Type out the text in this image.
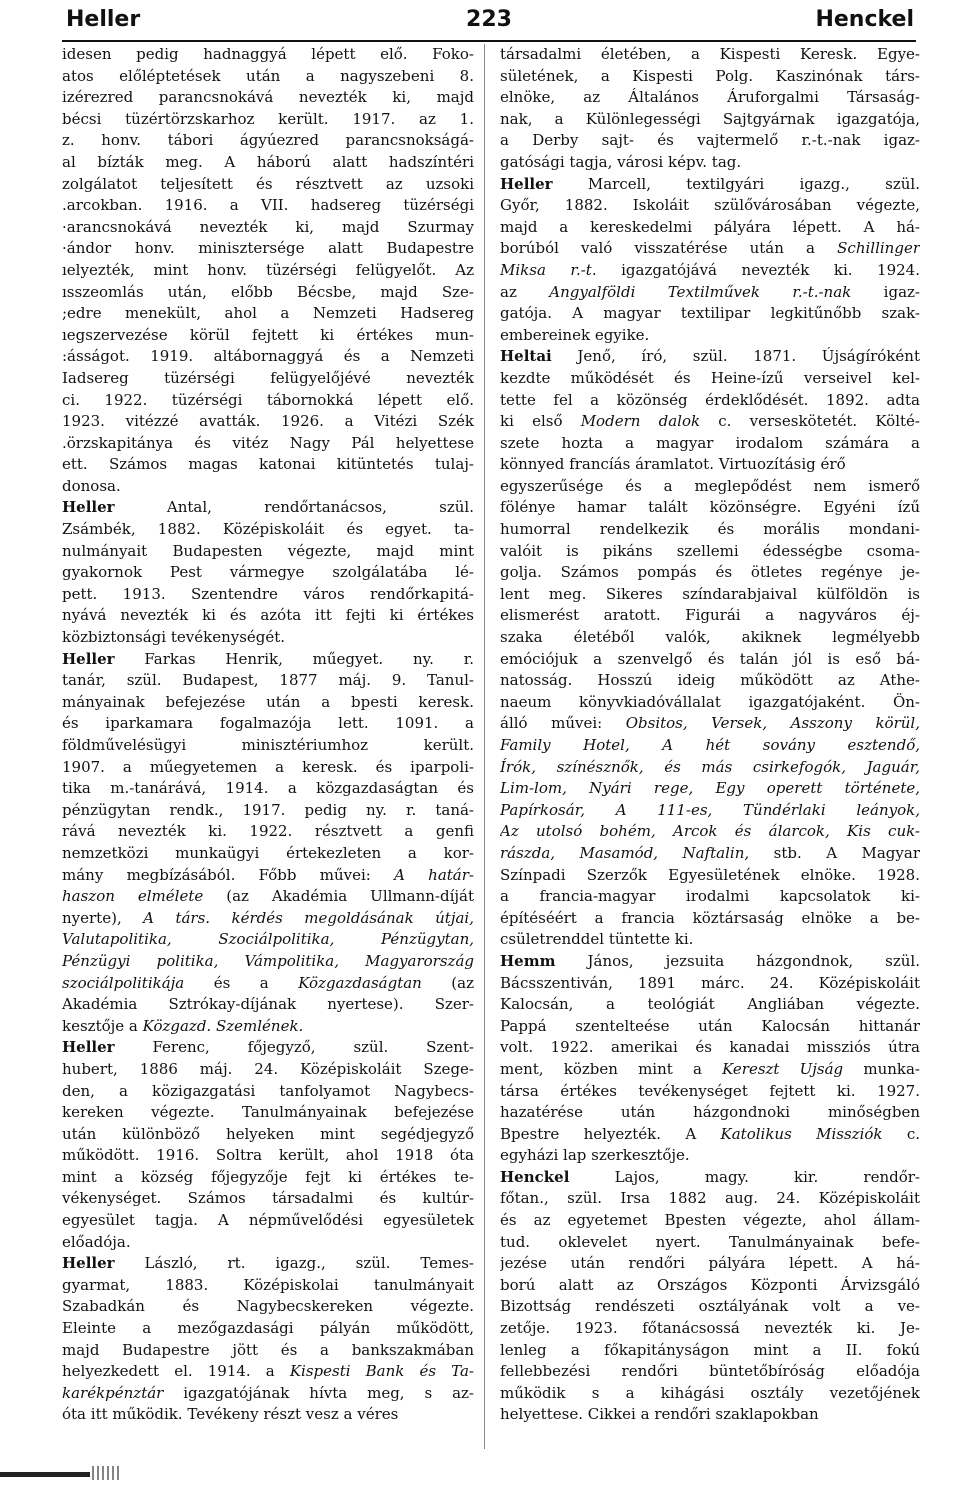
Heller	223	Henckel
idesen pedig hadnaggyá lépett elő. Foko-
atos előléptetések után a nagyszebeni 8.
izérezred parancsnokává nevezték ki, majd
bécsi tüzértörzskarhoz került. 1917. az 1.
z. honv. tábori ágyúezred parancsnokságá-
al bízták meg. A háború alatt hadszíntéri
zolgálatot teljesített és résztvett az uzsoki
.arcokban. 1916. a VII. hadsereg tüzérségi
·arancsnokává nevezték ki, majd Szurmay
·ándor honv. minisztersége alatt Budapestre
ıelyezték, mint honv. tüzérségi felügyelőt. Az
ısszeomlás után, előbb Bécsbe, majd Sze-
;edre menekült, ahol a Nemzeti Hadsereg
ıegszervezése körül fejtett ki értékes mun-
:ásságot. 1919. altábornaggyá és a Nemzeti
Iadsereg tüzérségi felügyelőjévé nevezték
ci. 1922. tüzérségi tábornokká lépett elő.
1923. vitézzé avatták. 1926. a Vitézi Szék
.örzskapitánya és vitéz Nagy Pál helyettese
ett. Számos magas katonai kitüntetés tulaj-
donosa.
Heller Antal, rendőrtanácsos, szül.
Zsámbék, 1882. Középiskoláit és egyet. ta-
nulmányait Budapesten végezte, majd mint
gyakornok Pest vármegye szolgálatába lé-
pett. 1913. Szentendre város rendőrkapitá-
nyává nevezték ki és azóta itt fejti ki értékes
közbiztonsági tevékenységét.
Heller Farkas Henrik, műegyet. ny. r.
tanár, szül. Budapest, 1877 máj. 9. Tanul-
mányainak befejezése után a bpesti keresk.
és iparkamara fogalmazója lett. 1091. a
földművelésügyi minisztériumhoz került.
1907. a műegyetemen a keresk. és iparpoli-
tika m.-tanárává, 1914. a közgazdaságtan és
pénzügytan rendk., 1917. pedig ny. r. taná-
rává nevezték ki. 1922. résztvett a genfi
nemzetközi munkaügyi értekezleten a kor-
mány megbízásából. Főbb művei: A határ-
haszon elmélete (az Akadémia Ullmann-díját
nyerte), A társ. kérdés megoldásának útjai,
Valutapolitika, Szociálpolitika, Pénzügytan,
Pénzügyi politika, Vámpolitika, Magyarország
szociálpolitikája és a Közgazdaságtan (az
Akadémia Sztrókay-díjának nyertese). Szer-
kesztője a Közgazd. Szemlének.
Heller Ferenc, főjegyző, szül. Szent-
hubert, 1886 máj. 24. Középiskoláit Szege-
den, a közigazgatási tanfolyamot Nagybecs-
kereken végezte. Tanulmányainak befejezése
után különböző helyeken mint segédjegyző
működött. 1916. Soltra került, ahol 1918 óta
mint a község főjegyzője fejt ki értékes te-
vékenységet. Számos társadalmi és kultúr-
egyesület tagja. A népművelődési egyesületek
előadója.
Heller László, rt. igazg., szül. Temes-
gyarmat, 1883. Középiskolai tanulmányait
Szabadkán és Nagybecskereken végezte.
Eleinte a mezőgazdasági pályán működött,
majd Budapestre jött és a bankszakmában
helyezkedett el. 1914. a Kispesti Bank és Ta-
karékpénztár igazgatójának hívta meg, s az-
óta itt működik. Tevékeny részt vesz a véres
társadalmi életében, a Kispesti Keresk. Egye-
sületének, a Kispesti Polg. Kaszinónak társ-
elnöke, az Általános Áruforgalmi Társaság-
nak, a Különlegességi Sajtgyárnak igazgatója,
a Derby sajt- és vajtermelő r.-t.-nak igaz-
gatósági tagja, városi képv. tag.
Heller Marcell, textilgyári igazg., szül.
Győr, 1882. Iskoláit szülővárosában végezte,
majd a kereskedelmi pályára lépett. A há-
borúból való visszatérése után a Schillinger
Miksa r.-t. igazgatójává nevezték ki. 1924.
az Angyalföldi Textilművek r.-t.-nak igaz-
gatója. A magyar textilipar legkitűnőbb szak-
embereinek egyike.
Heltai Jenő, író, szül. 1871. Újságíróként
kezdte működését és Heine-ízű verseivel kel-
tette fel a közönség érdeklődését. 1892. adta
ki első Modern dalok c. verseskötetét. Költé-
szete hozta a magyar irodalom számára a
könnyed francíás áramlatot. Virtuozításig érő
egyszerűsége és a meglepődést nem ismerő
fölénye hamar talált közönségre. Egyéni ízű
humorral rendelkezik és morális mondani-
valóit is pikáns szellemi édességbe csoma-
golja. Számos pompás és ötletes regénye je-
lent meg. Sikeres színdarabjaival külföldön is
elismerést aratott. Figurái a nagyváros éj-
szaka életéből valók, akiknek legmélyebb
emóciójuk a szenvelgő és talán jól is eső bá-
natosság. Hosszú ideig működött az Athe-
naeum könyvkiadóvállalat igazgatójaként. Ön-
álló művei: Obsitos, Versek, Asszony körül,
Family Hotel, A hét sovány esztendő,
Írók, színésznők, és más csirkefogók, Jaguár,
Lim-lom, Nyári rege, Egy operett története,
Papírkosár, A 111-es, Tündérlaki leányok,
Az utolsó bohém, Arcok és álarcok, Kis cuk-
rászda, Masamód, Naftalin, stb. A Magyar
Színpadi Szerzők Egyesületének elnöke. 1928.
a francia-magyar irodalmi kapcsolatok ki-
építéséért a francia köztársaság elnöke a be-
csületrenddel tüntette ki.
Hemm János, jezsuita házgondnok, szül.
Bácsszentiván, 1891 márc. 24. Középiskoláit
Kalocsán, a teológiát Angliában végezte.
Pappá szentelteése után Kalocsán hittanár
volt. 1922. amerikai és kanadai missziós útra
ment, közben mint a Kereszt Ujság munka-
társa értékes tevékenységet fejtett ki. 1927.
hazatérése után házgondnoki minőségben
Bpestre helyezték. A Katolikus Missziók c.
egyházi lap szerkesztője.
Henckel Lajos, magy. kir. rendőr-
főtan., szül. Irsa 1882 aug. 24. Középiskoláit
és az egyetemet Bpesten végezte, ahol állam-
tud. oklevelet nyert. Tanulmányainak befe-
jezése után rendőri pályára lépett. A há-
ború alatt az Országos Központi Árvizsgáló
Bizottság rendészeti osztályának volt a ve-
zetője. 1923. főtanácsossá nevezték ki. Je-
lenleg a főkapitányságon mint a II. fokú
fellebbezési rendőri büntetőbíróság előadója
működik s a kihágási osztály vezetőjének
helyettese. Cikkei a rendőri szaklapokban
